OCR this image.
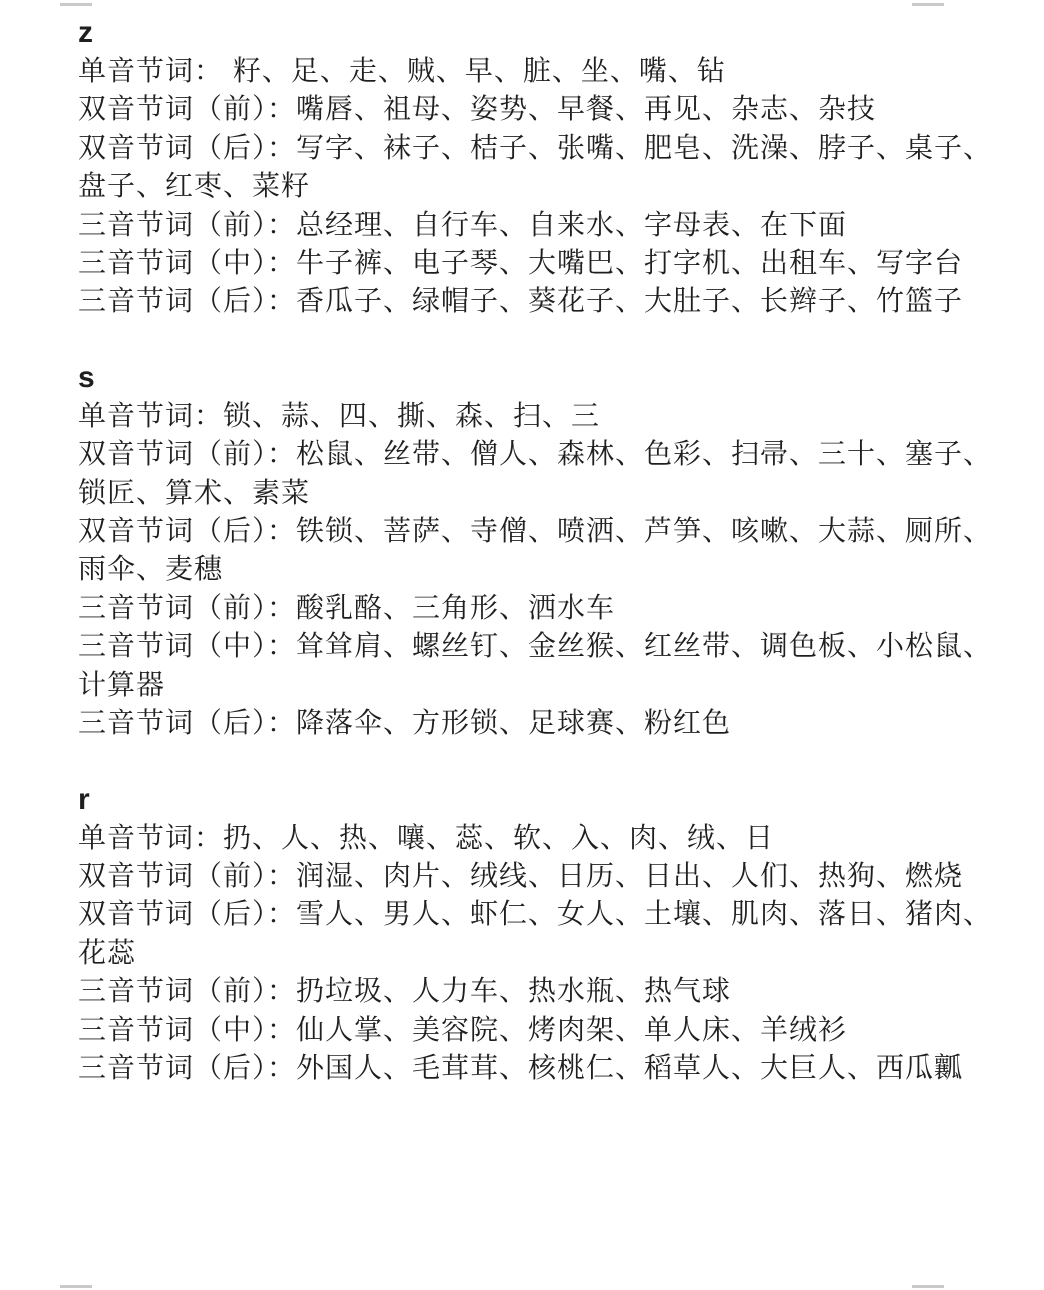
z
单音节词： 籽、足、走、贼、早、脏、坐、嘴、钻
双音节词（前）：嘴唇、祖母、姿势、早餐、再见、杂志、杂技
双音节词（后）：写字、袜子、桔子、张嘴、肥皂、洗澡、脖子、桌子、盘子、红枣、菜籽
三音节词（前）：总经理、自行车、自来水、字母表、在下面
三音节词（中）：牛子裤、电子琴、大嘴巴、打字机、出租车、写字台
三音节词（后）：香瓜子、绿帽子、葵花子、大肚子、长辫子、竹篮子
s
单音节词：锁、蒜、四、撕、森、扫、三
双音节词（前）：松鼠、丝带、僧人、森林、色彩、扫帚、三十、塞子、锁匠、算术、素菜
双音节词（后）：铁锁、菩萨、寺僧、喷洒、芦笋、咳嗽、大蒜、厕所、雨伞、麦穗
三音节词（前）：酸乳酪、三角形、洒水车
三音节词（中）：耸耸肩、螺丝钉、金丝猴、红丝带、调色板、小松鼠、计算器
三音节词（后）：降落伞、方形锁、足球赛、粉红色
r
单音节词：扔、人、热、嚷、蕊、软、入、肉、绒、日
双音节词（前）：润湿、肉片、绒线、日历、日出、人们、热狗、燃烧
双音节词（后）：雪人、男人、虾仁、女人、土壤、肌肉、落日、猪肉、花蕊
三音节词（前）：扔垃圾、人力车、热水瓶、热气球
三音节词（中）：仙人掌、美容院、烤肉架、单人床、羊绒衫
三音节词（后）：外国人、毛茸茸、核桃仁、稻草人、大巨人、西瓜瓤
